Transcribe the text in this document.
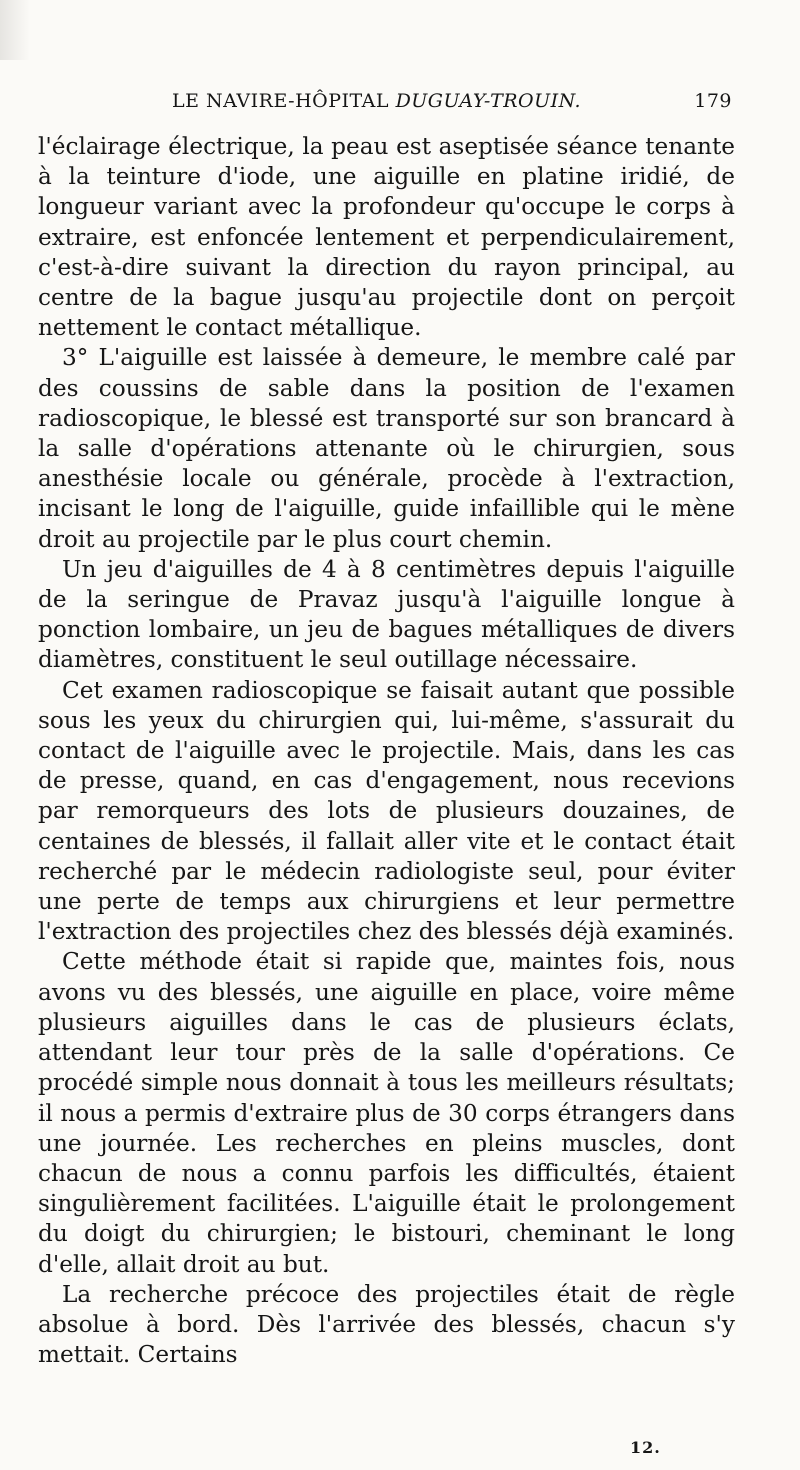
LE NAVIRE-HÔPITAL DUGUAY-TROUIN.	179

l'éclairage électrique, la peau est aseptisée séance tenante à la teinture d'iode, une aiguille en platine iridié, de longueur variant avec la profondeur qu'occupe le corps à extraire, est enfoncée lentement et perpendiculairement, c'est-à-dire suivant la direction du rayon principal, au centre de la bague jusqu'au projectile dont on perçoit nettement le contact métallique.

3° L'aiguille est laissée à demeure, le membre calé par des coussins de sable dans la position de l'examen radioscopique, le blessé est transporté sur son brancard à la salle d'opérations attenante où le chirurgien, sous anesthésie locale ou générale, procède à l'extraction, incisant le long de l'aiguille, guide infaillible qui le mène droit au projectile par le plus court chemin.

Un jeu d'aiguilles de 4 à 8 centimètres depuis l'aiguille de la seringue de Pravaz jusqu'à l'aiguille longue à ponction lombaire, un jeu de bagues métalliques de divers diamètres, constituent le seul outillage nécessaire.

Cet examen radioscopique se faisait autant que possible sous les yeux du chirurgien qui, lui-même, s'assurait du contact de l'aiguille avec le projectile. Mais, dans les cas de presse, quand, en cas d'engagement, nous recevions par remorqueurs des lots de plusieurs douzaines, de centaines de blessés, il fallait aller vite et le contact était recherché par le médecin radiologiste seul, pour éviter une perte de temps aux chirurgiens et leur permettre l'extraction des projectiles chez des blessés déjà examinés.

Cette méthode était si rapide que, maintes fois, nous avons vu des blessés, une aiguille en place, voire même plusieurs aiguilles dans le cas de plusieurs éclats, attendant leur tour près de la salle d'opérations. Ce procédé simple nous donnait à tous les meilleurs résultats; il nous a permis d'extraire plus de 30 corps étrangers dans une journée. Les recherches en pleins muscles, dont chacun de nous a connu parfois les difficultés, étaient singulièrement facilitées. L'aiguille était le prolongement du doigt du chirurgien; le bistouri, cheminant le long d'elle, allait droit au but.

La recherche précoce des projectiles était de règle absolue à bord. Dès l'arrivée des blessés, chacun s'y mettait. Certains

12.
